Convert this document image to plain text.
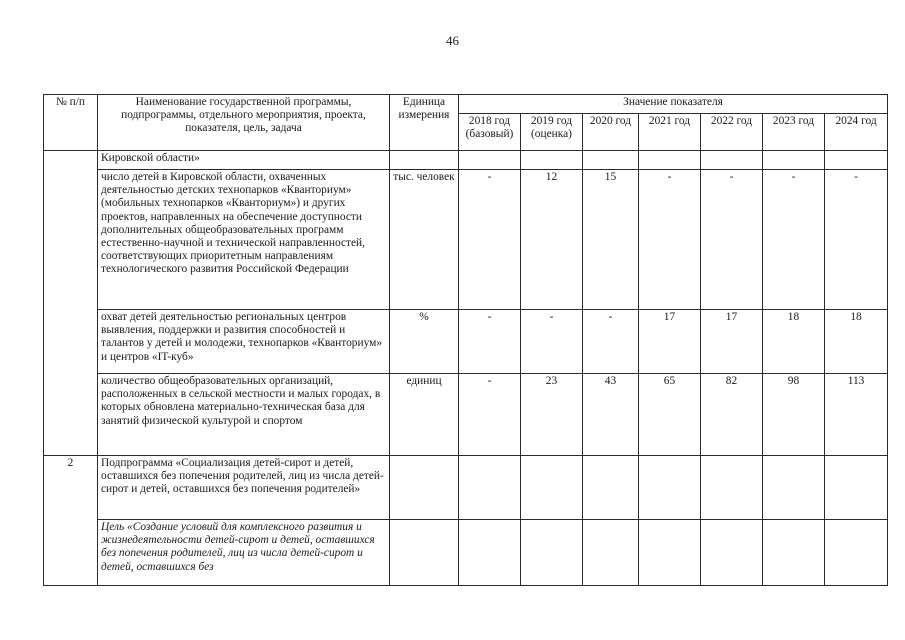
46
№ п/п	Наименование государственной программы, подпрограммы, отдельного мероприятия, проекта, показателя, цель, задача	Единица измерения	Значение показателя						
			2018 год (базовый)	2019 год (оценка)	2020 год	2021 год	2022 год	2023 год	2024 год
	Кировской области»								
	число детей в Кировской области, охваченных деятельностью детских технопарков «Кванториум» (мобильных технопарков «Кванториум») и других проектов, направленных на обеспечение доступности дополнительных общеобразовательных программ естественно-научной и технической направленностей, соответствующих приоритетным направлениям технологического развития Российской Федерации	тыс. человек	-	12	15	-	-	-	-
	охват детей деятельностью региональных центров выявления, поддержки и развития способностей и талантов у детей и молодежи, технопарков «Кванториум» и центров «IT-куб»	%	-	-	-	17	17	18	18
	количество общеобразовательных организаций, расположенных в сельской местности и малых городах, в которых обновлена материально-техническая база для занятий физической культурой и спортом	единиц	-	23	43	65	82	98	113
2	Подпрограмма «Социализация детей-сирот и детей, оставшихся без попечения родителей, лиц из числа детей-сирот и детей, оставшихся без попечения родителей»								
	Цель «Создание условий для комплексного развития и жизнедеятельности детей-сирот и детей, оставшихся без попечения родителей, лиц из числа детей-сирот и детей, оставшихся без								
